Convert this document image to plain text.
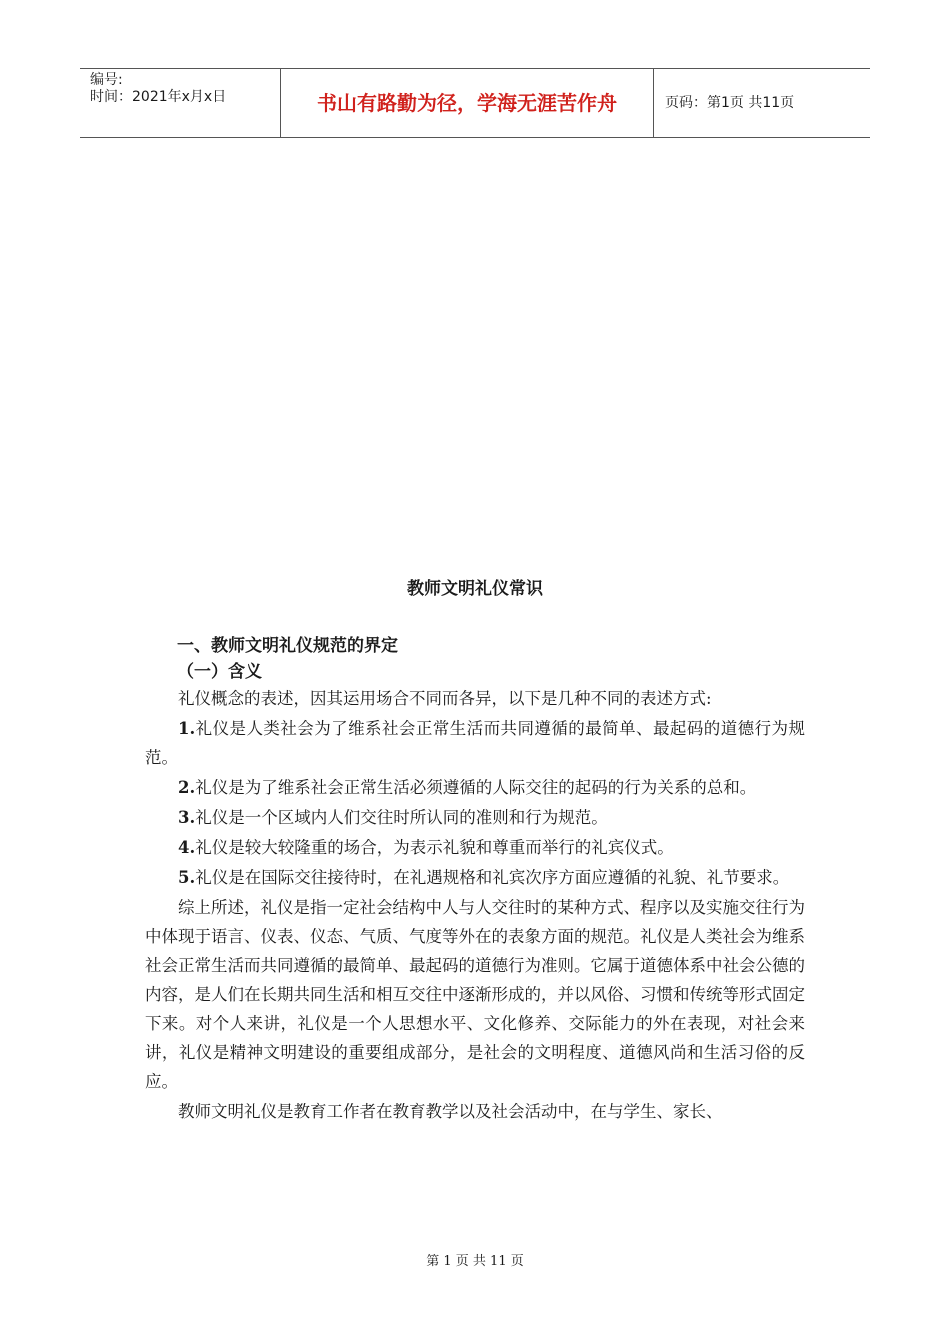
编号:
时间：2021年x月x日	书山有路勤为径，学海无涯苦作舟	页码：第1页 共11页
教师文明礼仪常识
一、教师文明礼仪规范的界定
（一）含义

礼仪概念的表述，因其运用场合不同而各异，以下是几种不同的表述方式:

1.礼仪是人类社会为了维系社会正常生活而共同遵循的最简单、最起码的道德行为规范。

2.礼仪是为了维系社会正常生活必须遵循的人际交往的起码的行为关系的总和。

3.礼仪是一个区域内人们交往时所认同的准则和行为规范。

4.礼仪是较大较隆重的场合，为表示礼貌和尊重而举行的礼宾仪式。

5.礼仪是在国际交往接待时，在礼遇规格和礼宾次序方面应遵循的礼貌、礼节要求。

综上所述，礼仪是指一定社会结构中人与人交往时的某种方式、程序以及实施交往行为中体现于语言、仪表、仪态、气质、气度等外在的表象方面的规范。礼仪是人类社会为维系社会正常生活而共同遵循的最简单、最起码的道德行为准则。它属于道德体系中社会公德的内容，是人们在长期共同生活和相互交往中逐渐形成的，并以风俗、习惯和传统等形式固定下来。对个人来讲，礼仪是一个人思想水平、文化修养、交际能力的外在表现，对社会来讲，礼仪是精神文明建设的重要组成部分，是社会的文明程度、道德风尚和生活习俗的反应。

教师文明礼仪是教育工作者在教育教学以及社会活动中，在与学生、家长、

第 1 页 共 11 页
